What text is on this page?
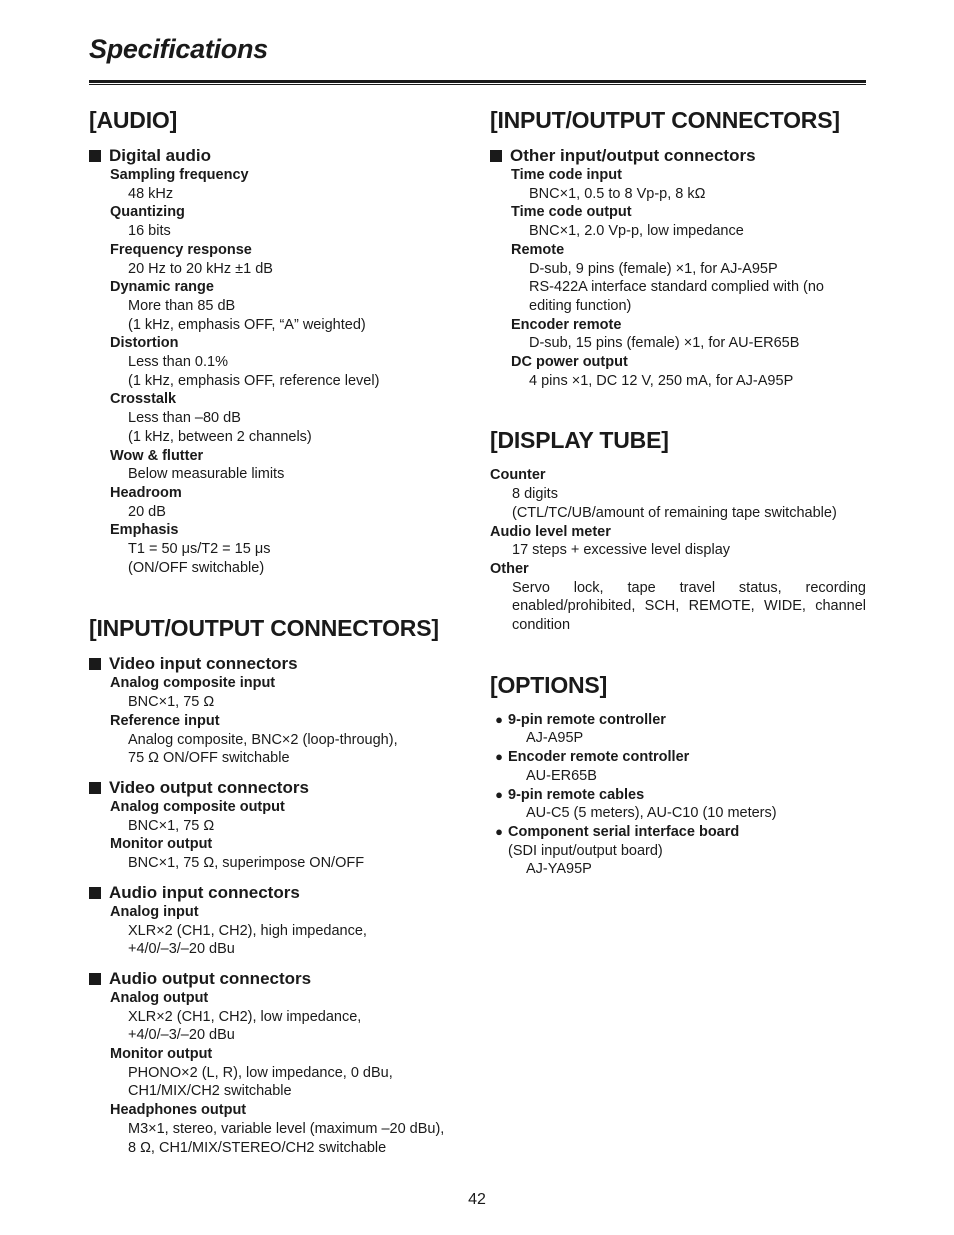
Specifications
[AUDIO]
Digital audio
Sampling frequency
48 kHz
Quantizing
16 bits
Frequency response
20 Hz to 20 kHz ±1 dB
Dynamic range
More than 85 dB
(1 kHz, emphasis OFF, “A” weighted)
Distortion
Less than 0.1%
(1 kHz, emphasis OFF, reference level)
Crosstalk
Less than –80 dB
(1 kHz, between 2 channels)
Wow & flutter
Below measurable limits
Headroom
20 dB
Emphasis
T1 = 50 μs/T2 = 15 μs
(ON/OFF switchable)
[INPUT/OUTPUT CONNECTORS]
Video input connectors
Analog composite input
BNC×1, 75 Ω
Reference input
Analog composite, BNC×2 (loop-through),
75 Ω ON/OFF switchable
Video output connectors
Analog composite output
BNC×1, 75 Ω
Monitor output
BNC×1, 75 Ω, superimpose ON/OFF
Audio input connectors
Analog input
XLR×2 (CH1, CH2), high impedance,
+4/0/–3/–20 dBu
Audio output connectors
Analog output
XLR×2 (CH1, CH2), low impedance,
+4/0/–3/–20 dBu
Monitor output
PHONO×2 (L, R), low impedance, 0 dBu,
CH1/MIX/CH2 switchable
Headphones output
M3×1, stereo, variable level (maximum –20 dBu),
8 Ω, CH1/MIX/STEREO/CH2 switchable
[INPUT/OUTPUT CONNECTORS]
Other input/output connectors
Time code input
BNC×1, 0.5 to 8 Vp-p, 8 kΩ
Time code output
BNC×1, 2.0 Vp-p, low impedance
Remote
D-sub, 9 pins (female) ×1, for AJ-A95P
RS-422A interface standard complied with (no
editing function)
Encoder remote
D-sub, 15 pins (female) ×1, for AU-ER65B
DC power output
4 pins ×1, DC 12 V, 250 mA, for AJ-A95P
[DISPLAY TUBE]
Counter
8 digits
(CTL/TC/UB/amount of remaining tape switchable)
Audio level meter
17 steps + excessive level display
Other
Servo lock, tape travel status, recording enabled/prohibited, SCH, REMOTE, WIDE, channel condition
[OPTIONS]
● 9-pin remote controller
AJ-A95P
● Encoder remote controller
AU-ER65B
● 9-pin remote cables
AU-C5 (5 meters), AU-C10 (10 meters)
● Component serial interface board
(SDI input/output board)
AJ-YA95P
42
